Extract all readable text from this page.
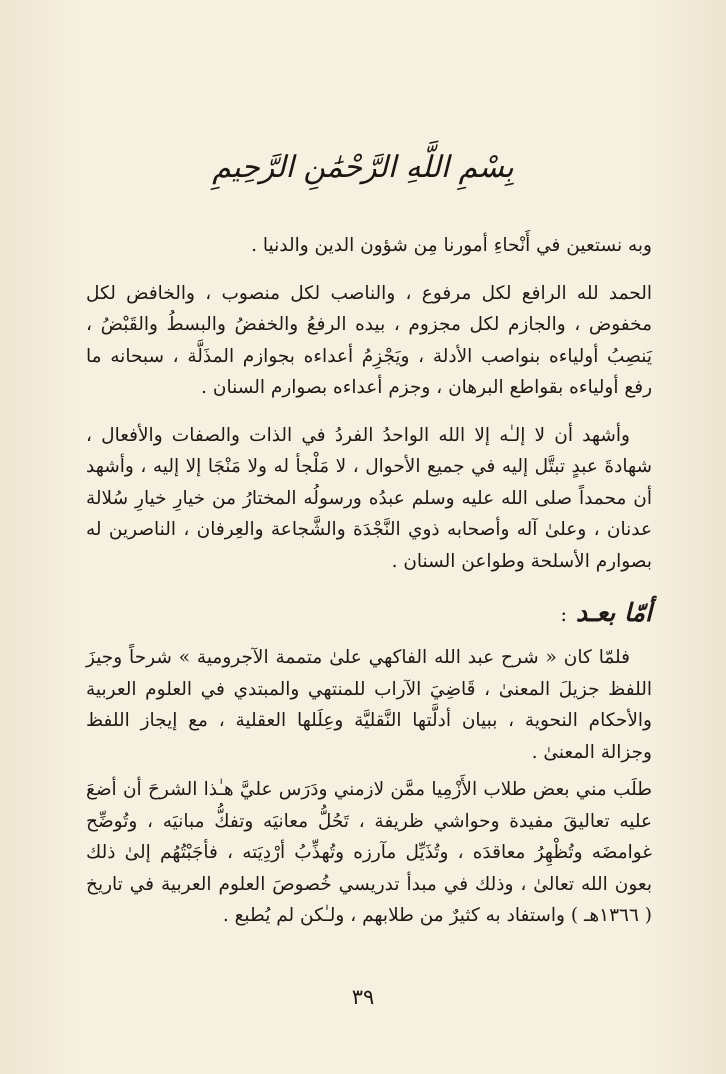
بِسْمِ اللَّهِ الرَّحْمَٰنِ الرَّحِيمِ

وبه نستعين في أَنْحاءِ أمورنا مِن شؤون الدين والدنيا .

الحمد لله الرافع لكل مرفوع ، والناصب لكل منصوب ، والخافض لكل مخفوض ، والجازم لكل مجزوم ، بيده الرفعُ والخفضُ والبسطُ والقَبْضُ ، يَنصِبُ أولياءه بنواصب الأدلة ، ويَجْزِمُ أعداءه بجوازم المذَلَّة ، سبحانه ما رفع أولياءه بقواطع البرهان ، وجزم أعداءه بصوارم السنان .

وأشهد أن لا إلـٰه إلا الله الواحدُ الفردُ في الذات والصفات والأفعال ، شهادةَ عبدٍ تبتَّل إليه في جميع الأحوال ، لا مَلْجأ له ولا مَنْجَا إلا إليه ، وأشهد أن محمداً صلى الله عليه وسلم عبدُه ورسولُه المختارُ من خيارِ خيارِ سُلالة عدنان ، وعلىٰ آله وأصحابه ذوي النَّجْدَة والشَّجاعة والعِرفان ، الناصرين له بصوارم الأسلحة وطواعن السنان .

أمّا بعـد :

فلمّا كان « شرح عبد الله الفاكهي علىٰ متممة الآجرومية » شرحاً وجيزَ اللفظ جزيلَ المعنىٰ ، قَاضِيَ الآراب للمنتهي والمبتدي في العلوم العربية والأحكام النحوية ، ببيان أدلَّتها النَّقليَّة وعِلَلها العقلية ، مع إيجاز اللفظ وجزالة المعنىٰ .

طلَب مني بعض طلاب الأَزْمِيا ممَّن لازمني ودَرَس عليَّ هـٰذا الشرحَ أن أضعَ عليه تعاليقَ مفيدة وحواشي ظريفة ، تَحُلُّ معانيَه وتفكُّ مبانيَه ، وتُوضِّح غوامضَه وتُظْهِرُ معاقدَه ، وتُذَيِّل مآرزه وتُهذِّبُ أرْدِيَته ، فأجَبْتُهُم إلىٰ ذلك بعون الله تعالىٰ ، وذلك في مبدأ تدريسي خُصوصَ العلوم العربية في تاريخ ( ١٣٦٦هـ ) واستفاد به كثيرٌ من طلابهم ، ولـٰكن لم يُطبع .

٣٩
